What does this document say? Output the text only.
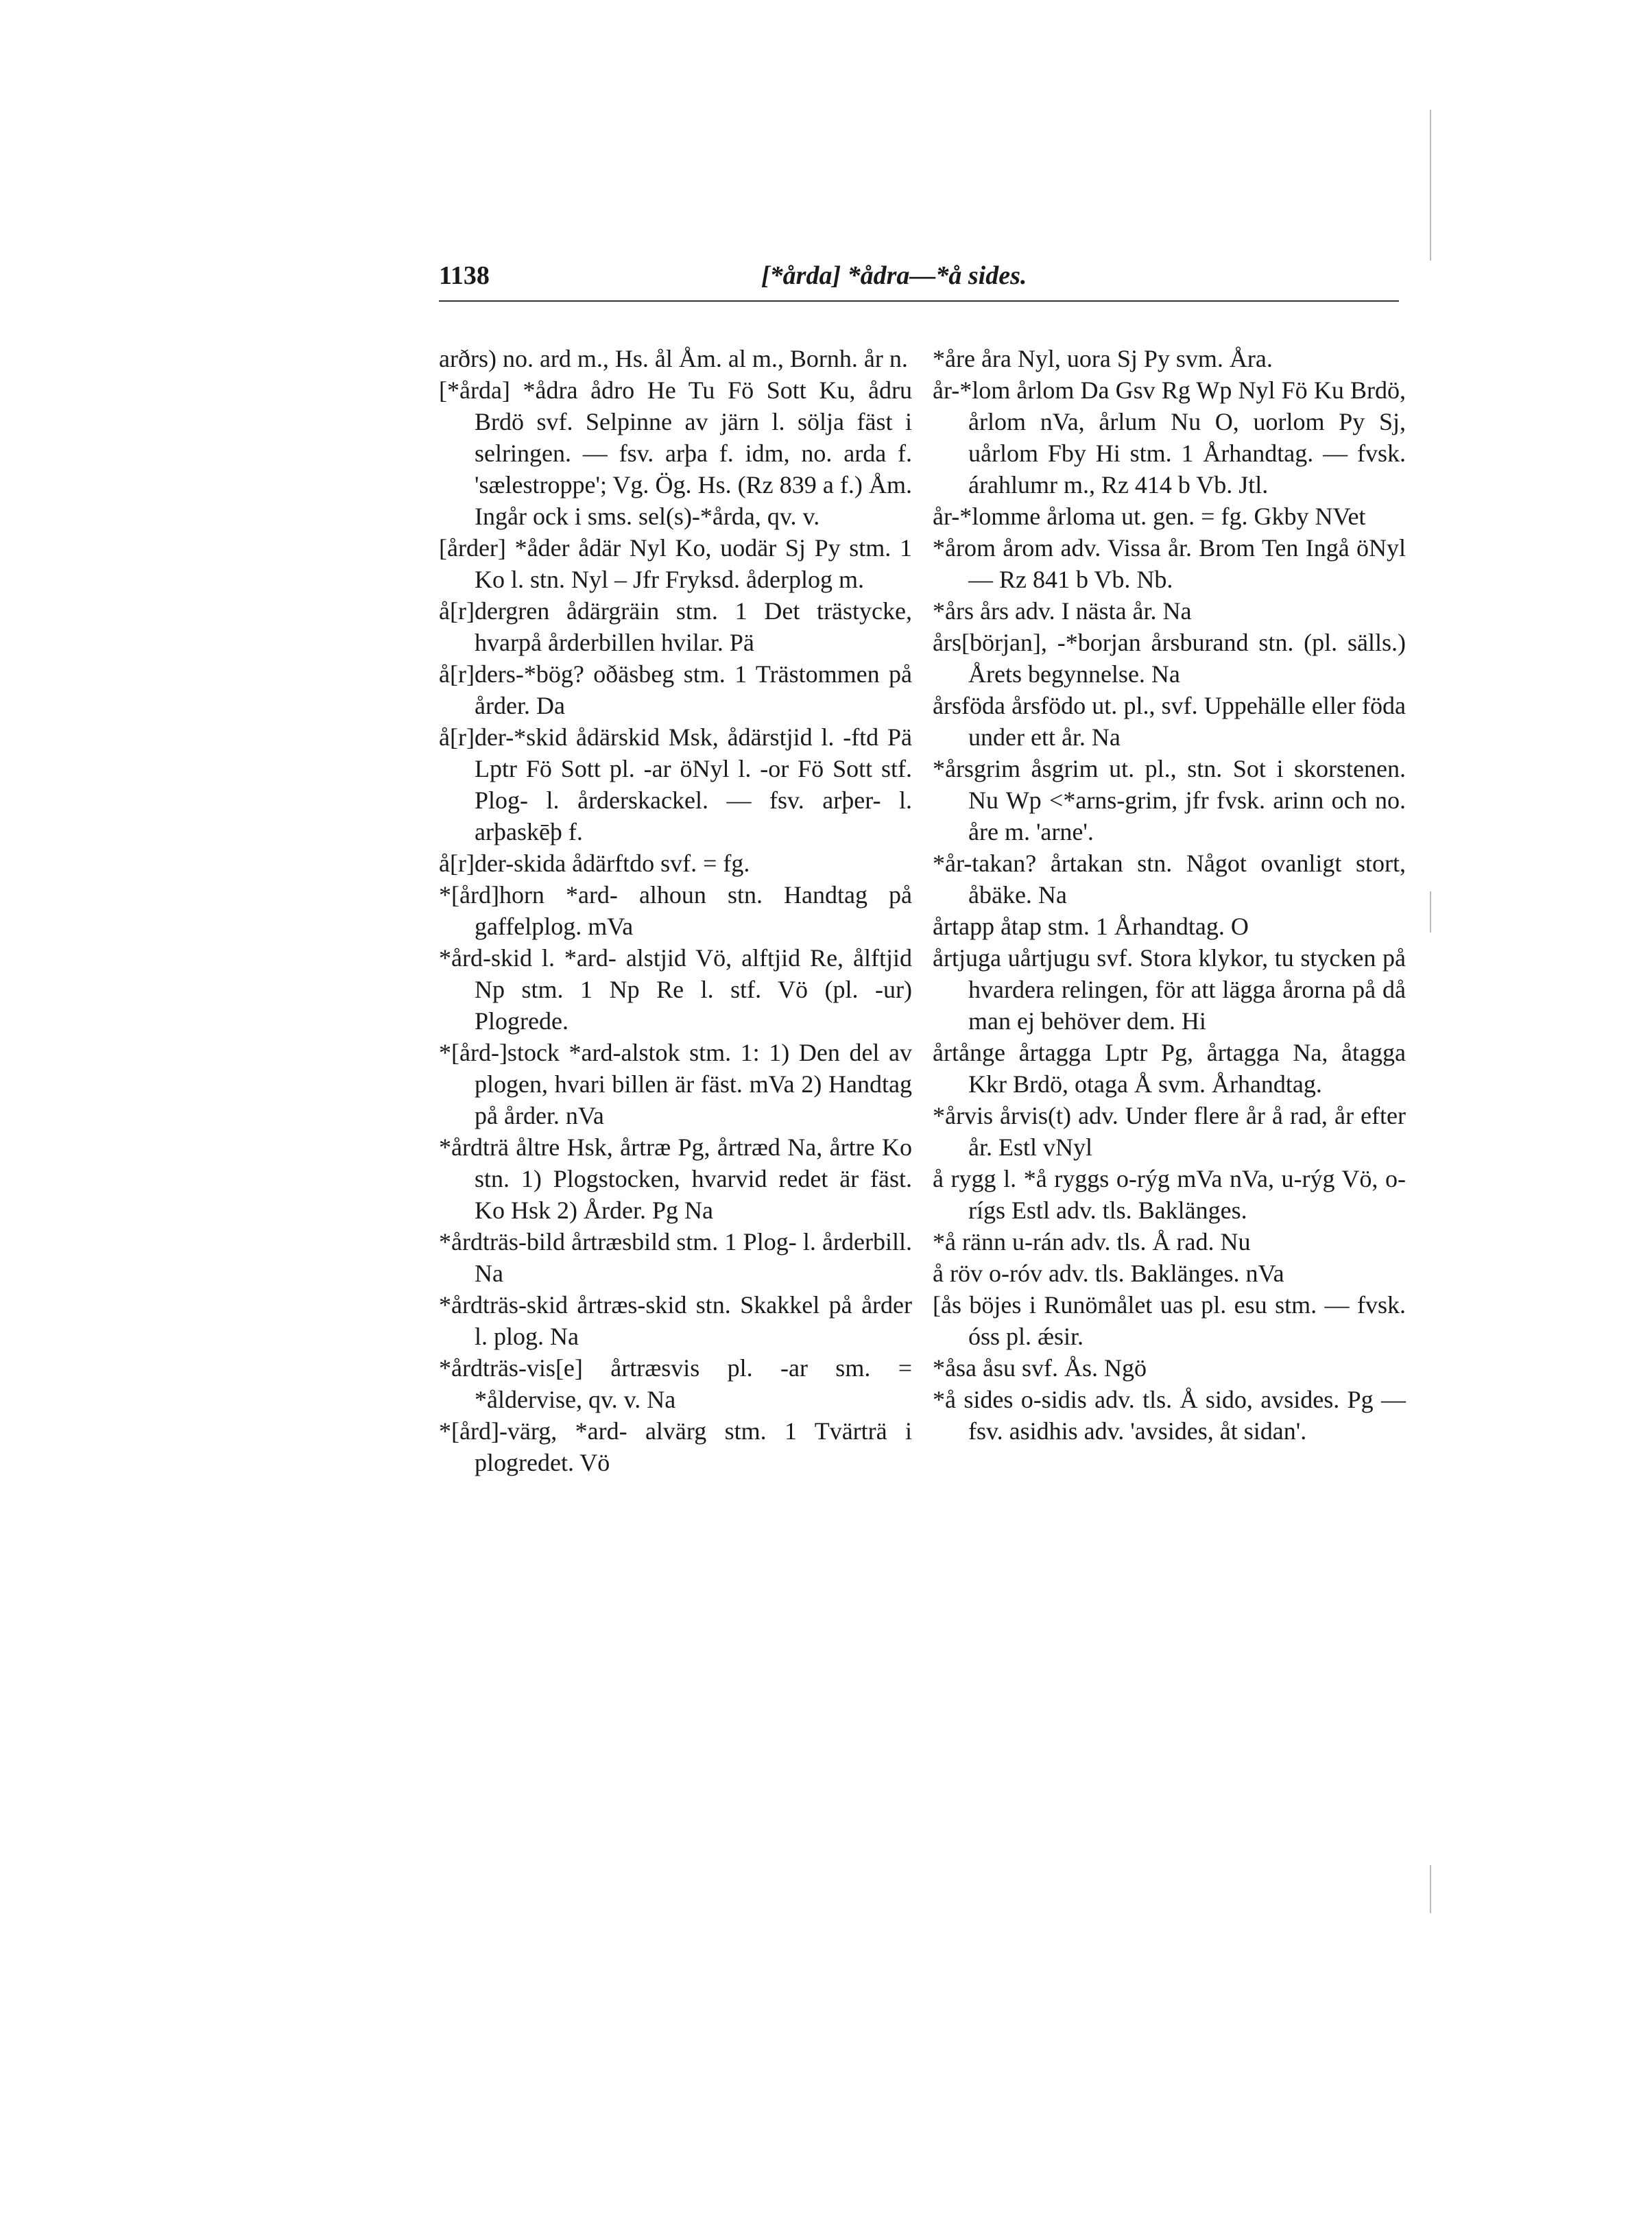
1138	[*årda] *ådra—*å sides.

arðrs) no. ard m., Hs. ål Åm. al m., Bornh. år n.

[*årda] *ådra ådro He Tu Fö Sott Ku, ådru Brdö svf. Selpinne av järn l. sölja fäst i selringen. — fsv. arþa f. idm, no. arda f. 'sælestroppe'; Vg. Ög. Hs. (Rz 839 a f.) Åm. Ingår ock i sms. sel(s)-*årda, qv. v.

[årder] *åder ådär Nyl Ko, uodär Sj Py stm. 1 Ko l. stn. Nyl – Jfr Fryksd. åderplog m.

å[r]dergren ådärgräin stm. 1 Det trästycke, hvarpå årderbillen hvilar. Pä

å[r]ders-*bög? oðäsbeg stm. 1 Trästommen på årder. Da

å[r]der-*skid ådärskid Msk, ådärstjid l. -ftd Pä Lptr Fö Sott pl. -ar öNyl l. -or Fö Sott stf. Plog- l. årderskackel. — fsv. arþer- l. arþaskēþ f.

å[r]der-skida ådärftdo svf. = fg.

*[ård]horn *ard- alhoun stn. Handtag på gaffelplog. mVa

*ård-skid l. *ard- alstjid Vö, alftjid Re, ålftjid Np stm. 1 Np Re l. stf. Vö (pl. -ur) Plogrede.

*[ård-]stock *ard-alstok stm. 1: 1) Den del av plogen, hvari billen är fäst. mVa 2) Handtag på årder. nVa

*årdträ åltre Hsk, årtræ Pg, årtræd Na, årtre Ko stn. 1) Plogstocken, hvarvid redet är fäst. Ko Hsk 2) Årder. Pg Na

*årdträs-bild årtræsbild stm. 1 Plog- l. årderbill. Na

*årdträs-skid årtræs-skid stn. Skakkel på årder l. plog. Na

*årdträs-vis[e] årtræsvis pl. -ar sm. = *åldervise, qv. v. Na

*[ård]-värg, *ard- alvärg stm. 1 Tvärträ i plogredet. Vö

*åre åra Nyl, uora Sj Py svm. Åra.

år-*lom årlom Da Gsv Rg Wp Nyl Fö Ku Brdö, årlom nVa, årlum Nu O, uorlom Py Sj, uårlom Fby Hi stm. 1 Århandtag. — fvsk. árahlumr m., Rz 414 b Vb. Jtl.

år-*lomme årloma ut. gen. = fg. Gkby NVet

*årom årom adv. Vissa år. Brom Ten Ingå öNyl — Rz 841 b Vb. Nb.

*års års adv. I nästa år. Na

års[början], -*borjan årsburand stn. (pl. sälls.) Årets begynnelse. Na

årsföda årsfödo ut. pl., svf. Uppehälle eller föda under ett år. Na

*årsgrim åsgrim ut. pl., stn. Sot i skorstenen. Nu Wp <*arns-grim, jfr fvsk. arinn och no. åre m. 'arne'.

*år-takan? årtakan stn. Något ovanligt stort, åbäke. Na

årtapp åtap stm. 1 Århandtag. O

årtjuga uårtjugu svf. Stora klykor, tu stycken på hvardera relingen, för att lägga årorna på då man ej behöver dem. Hi

årtånge årtagga Lptr Pg, årtagga Na, åtagga Kkr Brdö, otaga Å svm. Århandtag.

*årvis årvis(t) adv. Under flere år å rad, år efter år. Estl vNyl

å rygg l. *å ryggs o-rýg mVa nVa, u-rýg Vö, o-rígs Estl adv. tls. Baklänges.

*å ränn u-rán adv. tls. Å rad. Nu

å röv o-róv adv. tls. Baklänges. nVa

[ås böjes i Runömålet uas pl. esu stm. — fvsk. óss pl. ǽsir.

*åsa åsu svf. Ås. Ngö

*å sides o-sidis adv. tls. Å sido, avsides. Pg — fsv. asidhis adv. 'avsides, åt sidan'.
